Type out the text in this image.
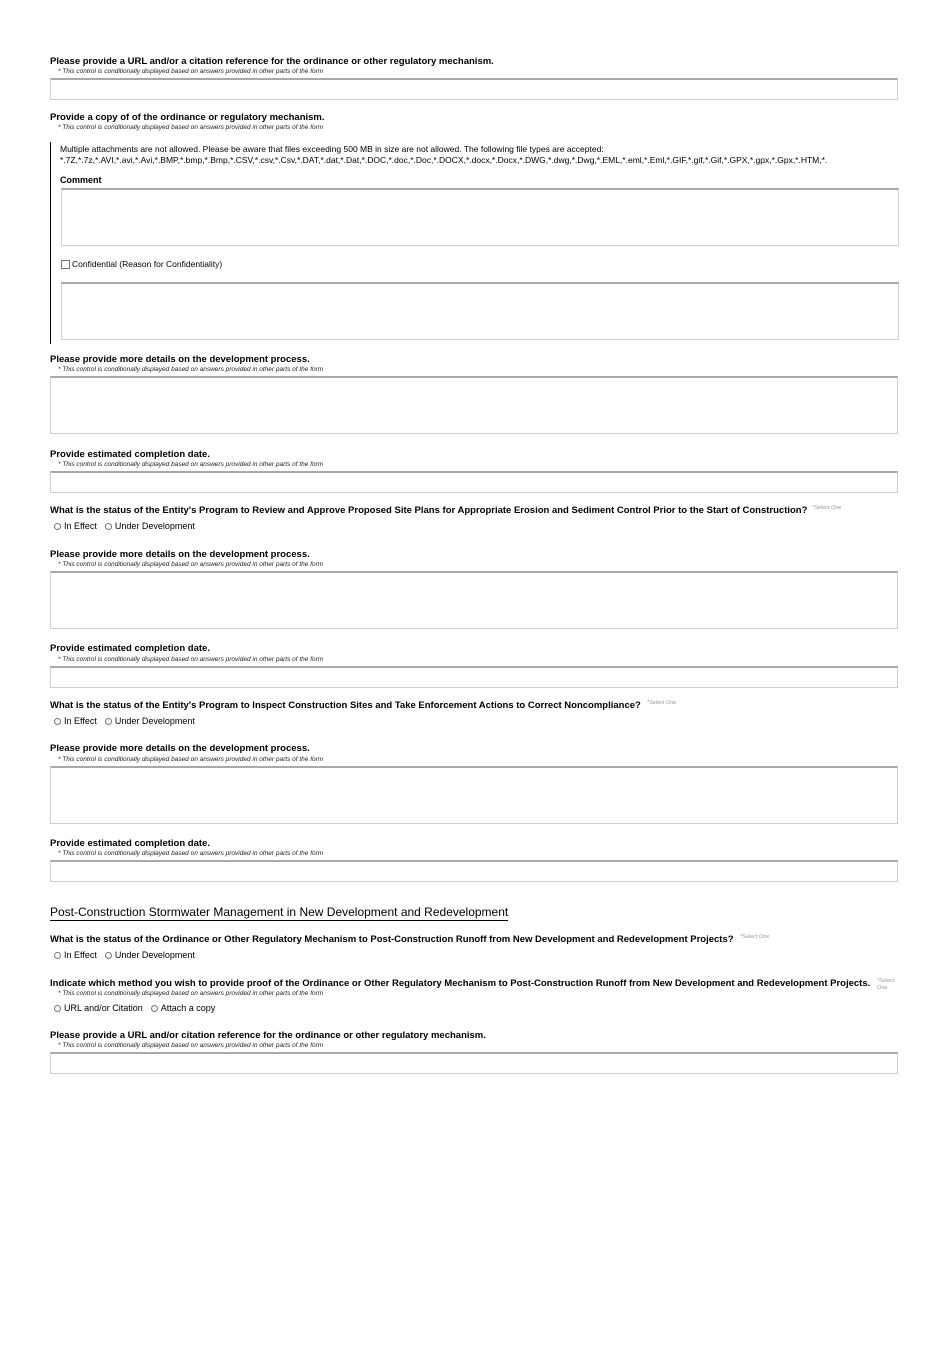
Please provide a URL and/or a citation reference for the ordinance or other regulatory mechanism.
* This control is conditionally displayed based on answers provided in other parts of the form
Provide a copy of of the ordinance or regulatory mechanism.
* This control is conditionally displayed based on answers provided in other parts of the form
Multiple attachments are not allowed. Please be aware that files exceeding 500 MB in size are not allowed. The following file types are accepted:
*.7Z,*.7z,*.AVI,*.avi,*.Avi,*.BMP,*.bmp,*.Bmp,*.CSV,*.csv,*.Csv,*.DAT,*.dat,*.Dat,*.DOC,*.doc,*.Doc,*.DOCX,*.docx,*.Docx,*.DWG,*.dwg,*.Dwg,*.EML,*.eml,*.Eml,*.GIF,*.gif,*.Gif,*.GPX,*.gpx,*.Gpx,*.HTM,*.
Comment
Confidential (Reason for Confidentiality)
Please provide more details on the development process.
* This control is conditionally displayed based on answers provided in other parts of the form
Provide estimated completion date.
* This control is conditionally displayed based on answers provided in other parts of the form
What is the status of the Entity's Program to Review and Approve Proposed Site Plans for Appropriate Erosion and Sediment Control Prior to the Start of Construction? *Select One
In Effect Under Development
Please provide more details on the development process.
* This control is conditionally displayed based on answers provided in other parts of the form
Provide estimated completion date.
* This control is conditionally displayed based on answers provided in other parts of the form
What is the status of the Entity's Program to Inspect Construction Sites and Take Enforcement Actions to Correct Noncompliance? *Select One
In Effect Under Development
Please provide more details on the development process.
* This control is conditionally displayed based on answers provided in other parts of the form
Provide estimated completion date.
* This control is conditionally displayed based on answers provided in other parts of the form
Post-Construction Stormwater Management in New Development and Redevelopment
What is the status of the Ordinance or Other Regulatory Mechanism to Post-Construction Runoff from New Development and Redevelopment Projects? *Select One
In Effect Under Development
Indicate which method you wish to provide proof of the Ordinance or Other Regulatory Mechanism to Post-Construction Runoff from New Development and Redevelopment Projects. *Select
One
* This control is conditionally displayed based on answers provided in other parts of the form
URL and/or Citation Attach a copy
Please provide a URL and/or citation reference for the ordinance or other regulatory mechanism.
* This control is conditionally displayed based on answers provided in other parts of the form
